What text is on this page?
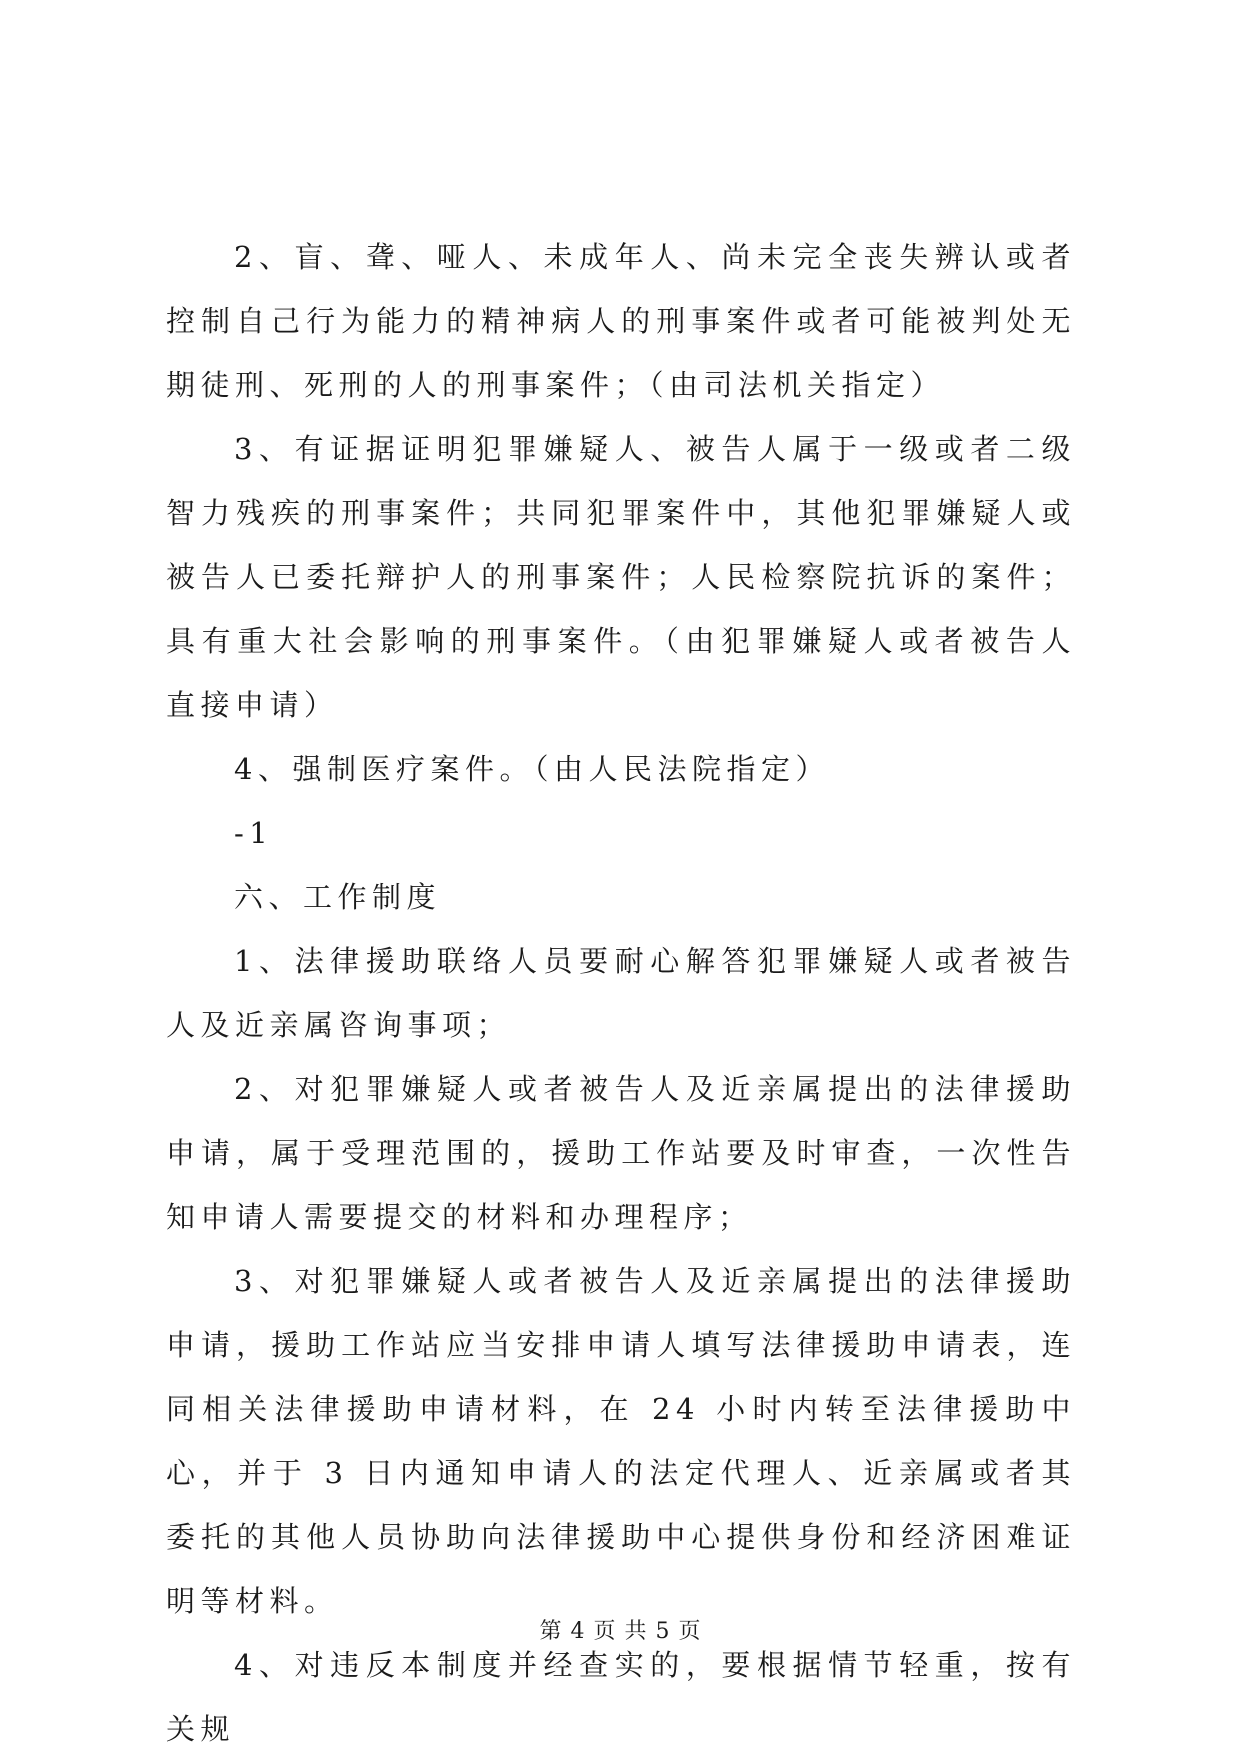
2、盲、聋、哑人、未成年人、尚未完全丧失辨认或者控制自己行为能力的精神病人的刑事案件或者可能被判处无期徒刑、死刑的人的刑事案件；（由司法机关指定）

3、有证据证明犯罪嫌疑人、被告人属于一级或者二级智力残疾的刑事案件；共同犯罪案件中，其他犯罪嫌疑人或被告人已委托辩护人的刑事案件；人民检察院抗诉的案件；具有重大社会影响的刑事案件。（由犯罪嫌疑人或者被告人直接申请）

4、强制医疗案件。（由人民法院指定）

-1

六、工作制度

1、法律援助联络人员要耐心解答犯罪嫌疑人或者被告人及近亲属咨询事项；

2、对犯罪嫌疑人或者被告人及近亲属提出的法律援助申请，属于受理范围的，援助工作站要及时审查，一次性告知申请人需要提交的材料和办理程序；

3、对犯罪嫌疑人或者被告人及近亲属提出的法律援助申请，援助工作站应当安排申请人填写法律援助申请表，连同相关法律援助申请材料，在 24 小时内转至法律援助中心，并于 3 日内通知申请人的法定代理人、近亲属或者其委托的其他人员协助向法律援助中心提供身份和经济困难证明等材料。

4、对违反本制度并经查实的，要根据情节轻重，按有关规

第 4 页 共 5 页
